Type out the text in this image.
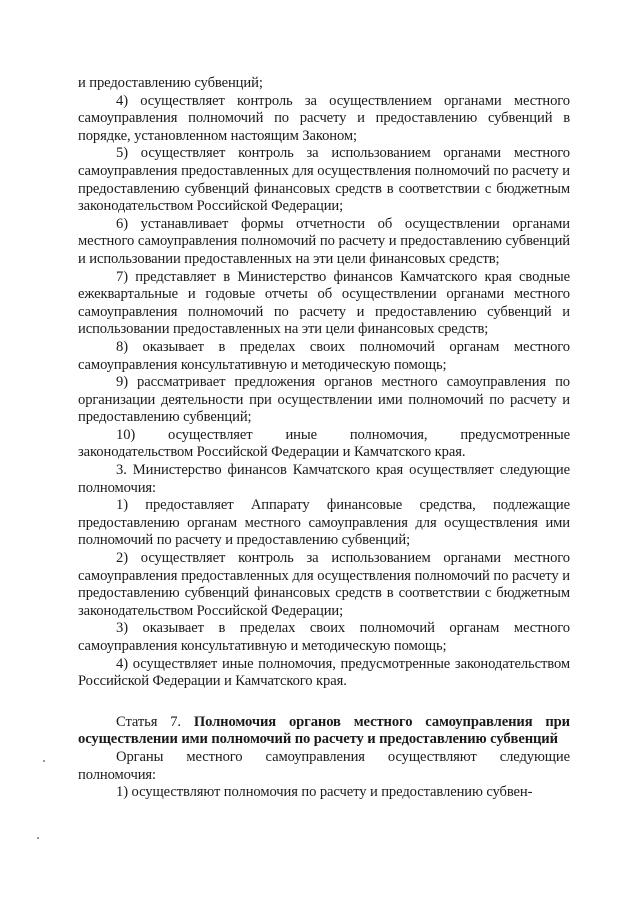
и предоставлению субвенций;

4) осуществляет контроль за осуществлением органами местного самоуправления полномочий по расчету и предоставлению субвенций в порядке, установленном настоящим Законом;

5) осуществляет контроль за использованием органами местного самоуправления предоставленных для осуществления полномочий по расчету и предоставлению субвенций финансовых средств в соответствии с бюджетным законодательством Российской Федерации;

6) устанавливает формы отчетности об осуществлении органами местного самоуправления полномочий по расчету и предоставлению субвенций и использовании предоставленных на эти цели финансовых средств;

7) представляет в Министерство финансов Камчатского края сводные ежеквартальные и годовые отчеты об осуществлении органами местного самоуправления полномочий по расчету и предоставлению субвенций и использовании предоставленных на эти цели финансовых средств;

8) оказывает в пределах своих полномочий органам местного самоуправления консультативную и методическую помощь;

9) рассматривает предложения органов местного самоуправления по организации деятельности при осуществлении ими полномочий по расчету и предоставлению субвенций;

10) осуществляет иные полномочия, предусмотренные законодательством Российской Федерации и Камчатского края.

3. Министерство финансов Камчатского края осуществляет следующие полномочия:

1) предоставляет Аппарату финансовые средства, подлежащие предоставлению органам местного самоуправления для осуществления ими полномочий по расчету и предоставлению субвенций;

2) осуществляет контроль за использованием органами местного самоуправления предоставленных для осуществления полномочий по расчету и предоставлению субвенций финансовых средств в соответствии с бюджетным законодательством Российской Федерации;

3) оказывает в пределах своих полномочий органам местного самоуправления консультативную и методическую помощь;

4) осуществляет иные полномочия, предусмотренные законодательством Российской Федерации и Камчатского края.

Статья 7. Полномочия органов местного самоуправления при осуществлении ими полномочий по расчету и предоставлению субвенций

Органы местного самоуправления осуществляют следующие полномочия:

1) осуществляют полномочия по расчету и предоставлению субвен-
